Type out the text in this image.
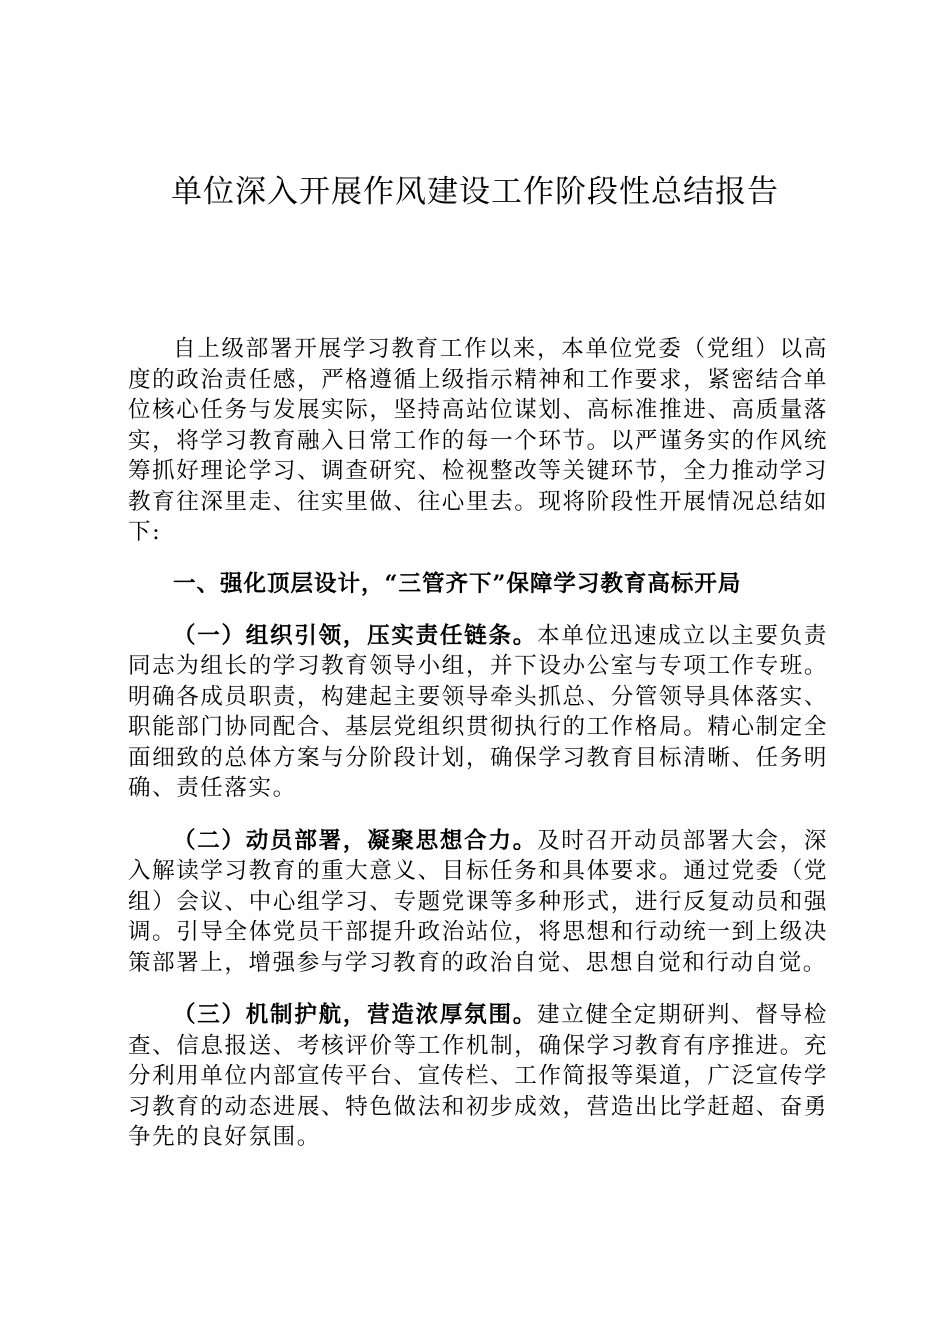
单位深入开展作风建设工作阶段性总结报告

自上级部署开展学习教育工作以来，本单位党委（党组）以高度的政治责任感，严格遵循上级指示精神和工作要求，紧密结合单位核心任务与发展实际，坚持高站位谋划、高标准推进、高质量落实，将学习教育融入日常工作的每一个环节。以严谨务实的作风统筹抓好理论学习、调查研究、检视整改等关键环节，全力推动学习教育往深里走、往实里做、往心里去。现将阶段性开展情况总结如下:

一、强化顶层设计，“三管齐下”保障学习教育高标开局

（一）组织引领，压实责任链条。本单位迅速成立以主要负责同志为组长的学习教育领导小组，并下设办公室与专项工作专班。明确各成员职责，构建起主要领导牵头抓总、分管领导具体落实、职能部门协同配合、基层党组织贯彻执行的工作格局。精心制定全面细致的总体方案与分阶段计划，确保学习教育目标清晰、任务明确、责任落实。

（二）动员部署，凝聚思想合力。及时召开动员部署大会，深入解读学习教育的重大意义、目标任务和具体要求。通过党委（党组）会议、中心组学习、专题党课等多种形式，进行反复动员和强调。引导全体党员干部提升政治站位，将思想和行动统一到上级决策部署上，增强参与学习教育的政治自觉、思想自觉和行动自觉。

（三）机制护航，营造浓厚氛围。建立健全定期研判、督导检查、信息报送、考核评价等工作机制，确保学习教育有序推进。充分利用单位内部宣传平台、宣传栏、工作简报等渠道，广泛宣传学习教育的动态进展、特色做法和初步成效，营造出比学赶超、奋勇争先的良好氛围。
